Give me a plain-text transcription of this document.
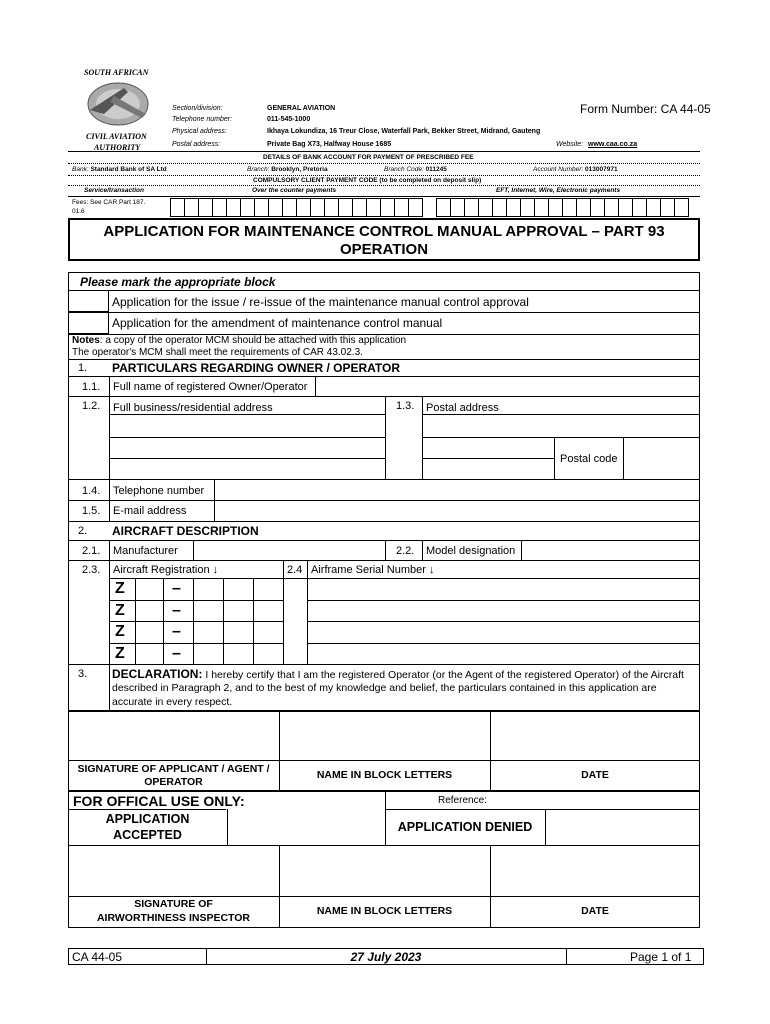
SOUTH AFRICAN
CIVIL AVIATION
AUTHORITY
Section/division:	GENERAL AVIATION	Form Number: CA 44-05
Telephone number:	011-545-1000
Physical address:	Ikhaya Lokundiza, 16 Treur Close, Waterfall Park, Bekker Street, Midrand, Gauteng
Postal address:	Private Bag X73, Halfway House 1685	Website: www.caa.co.za
DETAILS OF BANK ACCOUNT FOR PAYMENT OF PRESCRIBED FEE
Bank: Standard Bank of SA Ltd	Branch: Brooklyn, Pretoria	Branch Code: 011245	Account Number: 013007971
COMPULSORY CLIENT PAYMENT CODE (to be completed on deposit slip)
Service/transaction	Over the counter payments	EFT, Internet, Wire, Electronic payments
Fees: See CAR Part 187.
01.6
APPLICATION FOR MAINTENANCE CONTROL MANUAL APPROVAL – PART 93
OPERATION
Please mark the appropriate block
Application for the issue / re-issue of the maintenance manual control approval
Application for the amendment of maintenance control manual
Notes: a copy of the operator MCM should be attached with this application
The operator's MCM shall meet the requirements of CAR 43.02.3.
1. PARTICULARS REGARDING OWNER / OPERATOR
1.1. Full name of registered Owner/Operator
1.2. Full business/residential address	1.3. Postal address
Postal code
1.4. Telephone number
1.5. E-mail address
2. AIRCRAFT DESCRIPTION
2.1. Manufacturer	2.2. Model designation
2.3. Aircraft Registration ↓	2.4 Airframe Serial Number ↓
Z	–
Z	–
Z	–
Z	–
3. DECLARATION: I hereby certify that I am the registered Operator (or the Agent of the registered Operator) of the Aircraft
described in Paragraph 2, and to the best of my knowledge and belief, the particulars contained in this application are
accurate in every respect.
SIGNATURE OF APPLICANT / AGENT /
OPERATOR
NAME IN BLOCK LETTERS	DATE
FOR OFFICAL USE ONLY:	Reference:
APPLICATION
ACCEPTED
APPLICATION DENIED
SIGNATURE OF
AIRWORTHINESS INSPECTOR
NAME IN BLOCK LETTERS	DATE
CA 44-05	27 July 2023	Page 1 of 1
